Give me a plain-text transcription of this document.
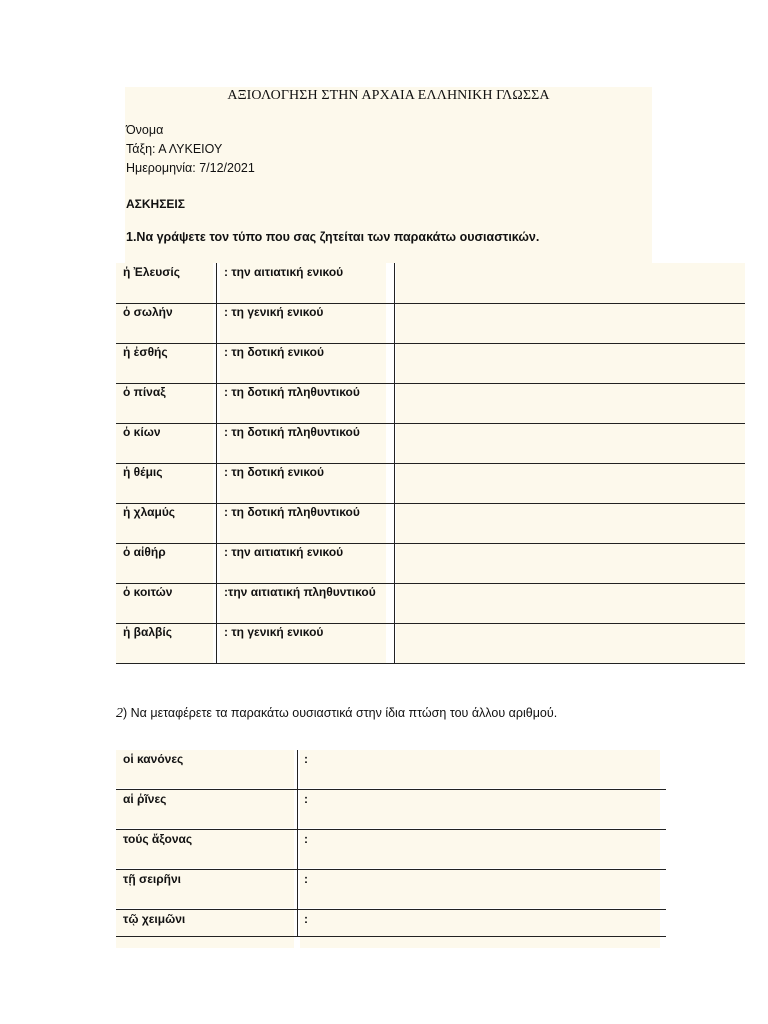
ΑΞΙΟΛΟΓΗΣΗ ΣΤΗΝ ΑΡΧΑΙΑ ΕΛΛΗΝΙΚΗ ΓΛΩΣΣΑ
Όνομα
Τάξη: Α ΛΥΚΕΙΟΥ
Ημερομηνία: 7/12/2021
ΑΣΚΗΣΕΙΣ
1.Να γράψετε τον τύπο που σας ζητείται των παρακάτω ουσιαστικών.
ἡ Ἐλευσίς	: την αιτιατική ενικού
ὁ σωλήν	: τη γενική ενικού
ἡ ἐσθής	: τη δοτική ενικού
ὁ πίναξ	: τη δοτική πληθυντικού
ὁ κίων	: τη δοτική πληθυντικού
ἡ θέμις	: τη δοτική ενικού
ἡ χλαμύς	: τη δοτική πληθυντικού
ὁ αἰθήρ	: την αιτιατική ενικού
ὁ κοιτών	:την αιτιατική πληθυντικού
ἡ βαλβίς	: τη γενική ενικού
2) Να μεταφέρετε τα παρακάτω ουσιαστικά στην ίδια πτώση του άλλου αριθμού.
οἱ κανόνες	:
αἱ ῥῖνες	:
τούς ἄξονας	:
τῇ σειρῆνι	:
τῷ χειμῶνι	:
